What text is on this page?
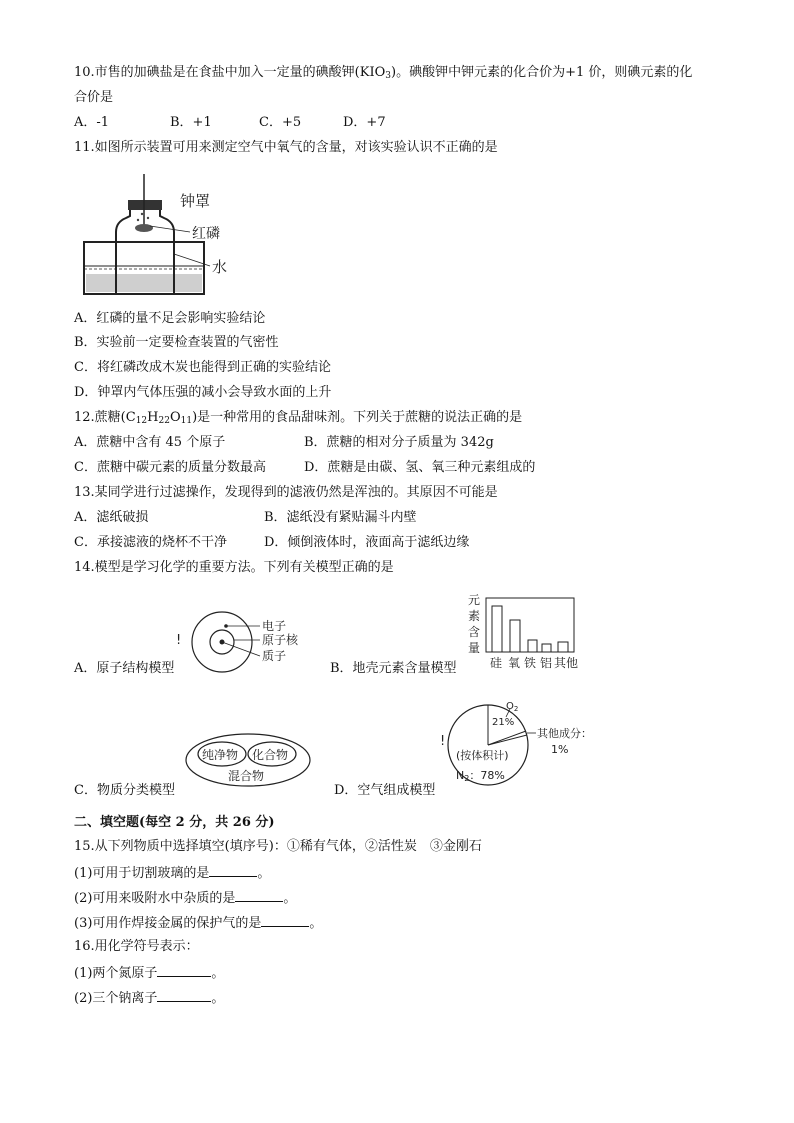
10.市售的加碘盐是在食盐中加入一定量的碘酸钾$(KIO_3)$。碘酸钾中钾元素的化合价为+1 价，则碘元素的化
合价是
A．-1	B．+1	C．+5	D．+7
11.如图所示装置可用来测定空气中氧气的含量，对该实验认识不正确的是
钟罩
红磷
水
A．红磷的量不足会影响实验结论
B．实验前一定要检查装置的气密性
C．将红磷改成木炭也能得到正确的实验结论
D．钟罩内气体压强的减小会导致水面的上升
12.蔗糖$(C_{12}H_{22}O_{11})$是一种常用的食品甜味剂。下列关于蔗糖的说法正确的是
A．蔗糖中含有 45 个原子	B．蔗糖的相对分子质量为 342g
C．蔗糖中碳元素的质量分数最高	D．蔗糖是由碳、氢、氧三种元素组成的
13.某同学进行过滤操作，发现得到的滤液仍然是浑浊的。其原因不可能是
A．滤纸破损	B．滤纸没有紧贴漏斗内壁
C．承接滤液的烧杯不干净	D．倾倒液体时，液面高于滤纸边缘
14.模型是学习化学的重要方法。下列有关模型正确的是
!
电子
原子核
质子
A．原子结构模型
元
素
含
量
硅 氧 铁 铝 其他
B．地壳元素含量模型
纯净物 化合物
混合物
C．物质分类模型
!
$O_2$
21%
其他成分：
1%
(按体积计)
N2：78%
D．空气组成模型
二、填空题(每空 2 分，共 26 分)
15.从下列物质中选择填空(填序号)：①稀有气体，②活性炭　③金刚石
(1)可用于切割玻璃的是	。
(2)可用来吸附水中杂质的是	。
(3)可用作焊接金属的保护气的是	。
16.用化学符号表示：
(1)两个氮原子	。
(2)三个钠离子	。
